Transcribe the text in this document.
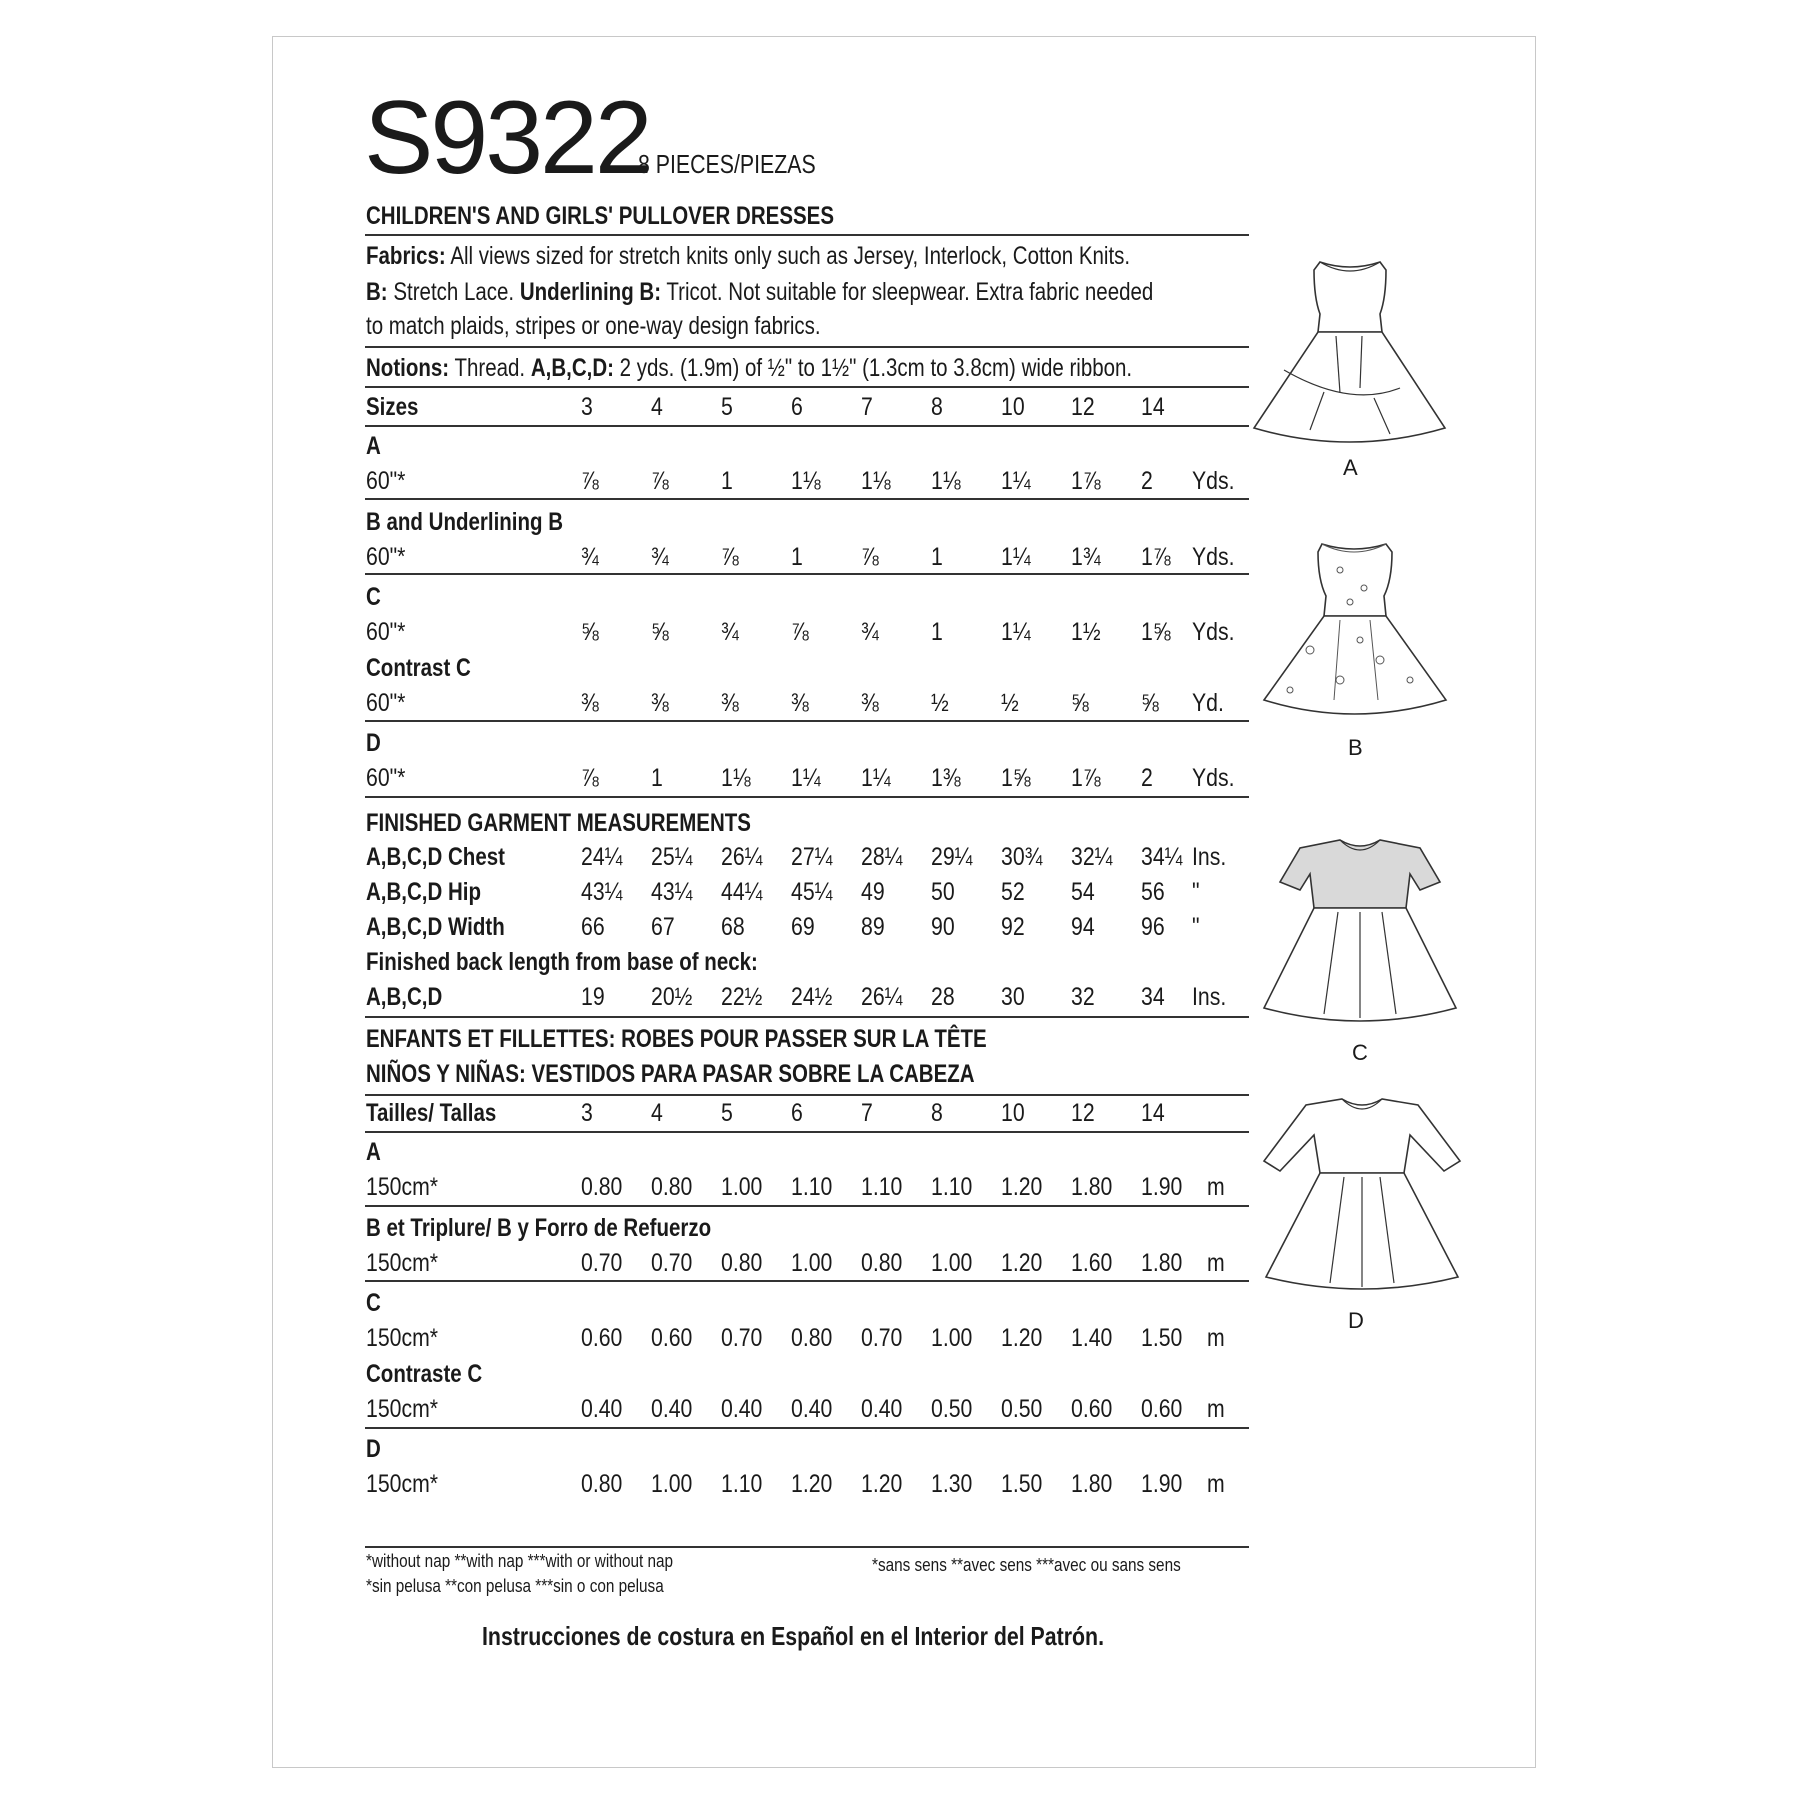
S9322
8 PIECES/PIEZAS
CHILDREN'S AND GIRLS' PULLOVER DRESSES
Fabrics: All views sized for stretch knits only such as Jersey, Interlock, Cotton Knits.
B: Stretch Lace. Underlining B: Tricot. Not suitable for sleepwear. Extra fabric needed
to match plaids, stripes or one-way design fabrics.
Notions: Thread. A,B,C,D: 2 yds. (1.9m) of ½" to 1½" (1.3cm to 3.8cm) wide ribbon.
Sizes	3 4 5 6 7 8 10 12 14
A
60"*	⅞ ⅞ 1 1⅛ 1⅛ 1⅛ 1¼ 1⅞ 2 Yds.
B and Underlining B
60"*	¾ ¾ ⅞ 1 ⅞ 1 1¼ 1¾ 1⅞ Yds.
C
60"*	⅝ ⅝ ¾ ⅞ ¾ 1 1¼ 1½ 1⅝ Yds.
Contrast C
60"*	⅜ ⅜ ⅜ ⅜ ⅜ ½ ½ ⅝ ⅝ Yd.
D
60"*	⅞ 1 1⅛ 1¼ 1¼ 1⅜ 1⅝ 1⅞ 2 Yds.
FINISHED GARMENT MEASUREMENTS
A,B,C,D Chest	24¼ 25¼ 26¼ 27¼ 28¼ 29¼ 30¾ 32¼ 34¼ Ins.
A,B,C,D Hip	43¼ 43¼ 44¼ 45¼ 49 50 52 54 56 "
A,B,C,D Width	66 67 68 69 89 90 92 94 96 "
Finished back length from base of neck:
A,B,C,D	19 20½ 22½ 24½ 26¼ 28 30 32 34 Ins.
ENFANTS ET FILLETTES: ROBES POUR PASSER SUR LA TÊTE
NIÑOS Y NIÑAS: VESTIDOS PARA PASAR SOBRE LA CABEZA
Tailles/ Tallas	3 4 5 6 7 8 10 12 14
A
150cm*	0.80 0.80 1.00 1.10 1.10 1.10 1.20 1.80 1.90 m
B et Triplure/ B y Forro de Refuerzo
150cm*	0.70 0.70 0.80 1.00 0.80 1.00 1.20 1.60 1.80 m
C
150cm*	0.60 0.60 0.70 0.80 0.70 1.00 1.20 1.40 1.50 m
Contraste C
150cm*	0.40 0.40 0.40 0.40 0.40 0.50 0.50 0.60 0.60 m
D
150cm*	0.80 1.00 1.10 1.20 1.20 1.30 1.50 1.80 1.90 m
*without nap **with nap ***with or without nap
*sin pelusa **con pelusa ***sin o con pelusa
*sans sens **avec sens ***avec ou sans sens
Instrucciones de costura en Español en el Interior del Patrón.
A
B
C
D
